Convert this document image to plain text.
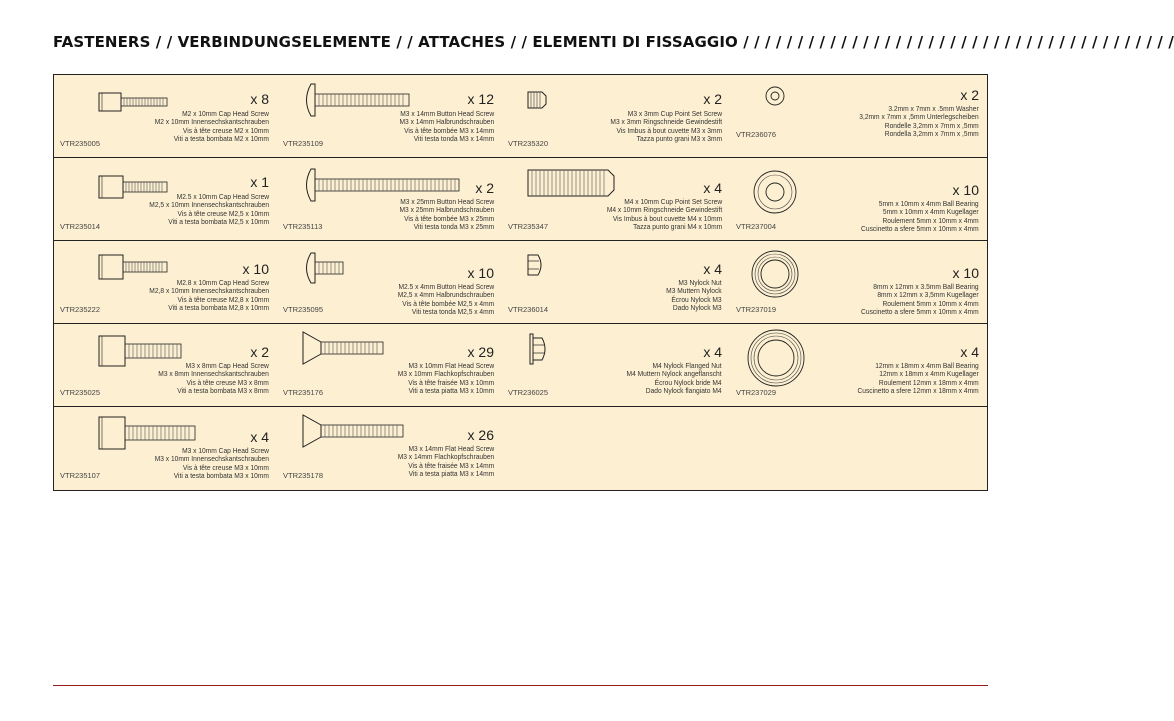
FASTENERS / / VERBINDUNGSELEMENTE / / ATTACHES / / ELEMENTI DI FISSAGGIO / / / / / / / / / / / / / / / / / / / / / / / / / / / / / / / / / / / / / / / /
x 8
M2 x 10mm Cap Head Screw
M2 x 10mm Innensechskantschrauben
Vis à tête creuse M2 x 10mm
Viti a testa bombata M2 x 10mm
VTR235005
x 12
M3 x 14mm Button Head Screw
M3 x 14mm Halbrundschrauben
Vis à tête bombée M3 x 14mm
Viti testa tonda M3 x 14mm
VTR235109
x 2
M3 x 3mm Cup Point Set Screw
M3 x 3mm Ringschneide Gewindestift
Vis Imbus à bout cuvette M3 x 3mm
Tazza punto grani M3 x 3mm
VTR235320
x 2
3.2mm x 7mm x .5mm Washer
3,2mm x 7mm x ,5mm Unterlegscheiben
Rondelle 3,2mm x 7mm x ,5mm
Rondella 3,2mm x 7mm x ,5mm
VTR236076
x 1
M2.5 x 10mm Cap Head Screw
M2,5 x 10mm Innensechskantschrauben
Vis à tête creuse M2,5 x 10mm
Viti a testa bombata M2,5 x 10mm
VTR235014
x 2
M3 x 25mm Button Head Screw
M3 x 25mm Halbrundschrauben
Vis à tête bombée M3 x 25mm
Viti testa tonda M3 x 25mm
VTR235113
x 4
M4 x 10mm Cup Point Set Screw
M4 x 10mm Ringschneide Gewindestift
Vis Imbus à bout cuvette M4 x 10mm
Tazza punto grani M4 x 10mm
VTR235347
x 10
5mm x 10mm x 4mm Ball Bearing
5mm x 10mm x 4mm Kugellager
Roulement 5mm x 10mm x 4mm
Cuscinetto a sfere 5mm x 10mm x 4mm
VTR237004
x 10
M2.8 x 10mm Cap Head Screw
M2,8 x 10mm Innensechskantschrauben
Vis à tête creuse M2,8 x 10mm
Viti a testa bombata M2,8 x 10mm
VTR235222
x 10
M2.5 x 4mm Button Head Screw
M2,5 x 4mm Halbrundschrauben
Vis à tête bombée M2,5 x 4mm
Viti testa tonda M2,5 x 4mm
VTR235095
x 4
M3 Nylock Nut
M3 Muttern Nylock
Écrou Nylock M3
Dado Nylock M3
VTR236014
x 10
8mm x 12mm x 3.5mm Ball Bearing
8mm x 12mm x 3,5mm Kugellager
Roulement 5mm x 10mm x 4mm
Cuscinetto a sfere 5mm x 10mm x 4mm
VTR237019
x 2
M3 x 8mm Cap Head Screw
M3 x 8mm Innensechskantschrauben
Vis à tête creuse M3 x 8mm
Viti a testa bombata M3 x 8mm
VTR235025
x 29
M3 x 10mm Flat Head Screw
M3 x 10mm Flachkopfschrauben
Vis à tête fraisée M3 x 10mm
Viti a testa piatta M3 x 10mm
VTR235176
x 4
M4 Nylock Flanged Nut
M4 Muttern Nylock angeflanscht
Écrou Nylock bride M4
Dado Nylock flangiato M4
VTR236025
x 4
12mm x 18mm x 4mm Ball Bearing
12mm x 18mm x 4mm Kugellager
Roulement 12mm x 18mm x 4mm
Cuscinetto a sfere 12mm x 18mm x 4mm
VTR237029
x 4
M3 x 10mm Cap Head Screw
M3 x 10mm Innensechskantschrauben
Vis à tête creuse M3 x 10mm
Viti a testa bombata M3 x 10mm
VTR235107
x 26
M3 x 14mm Flat Head Screw
M3 x 14mm Flachkopfschrauben
Vis à tête fraisée M3 x 14mm
Viti a testa piatta M3 x 14mm
VTR235178
